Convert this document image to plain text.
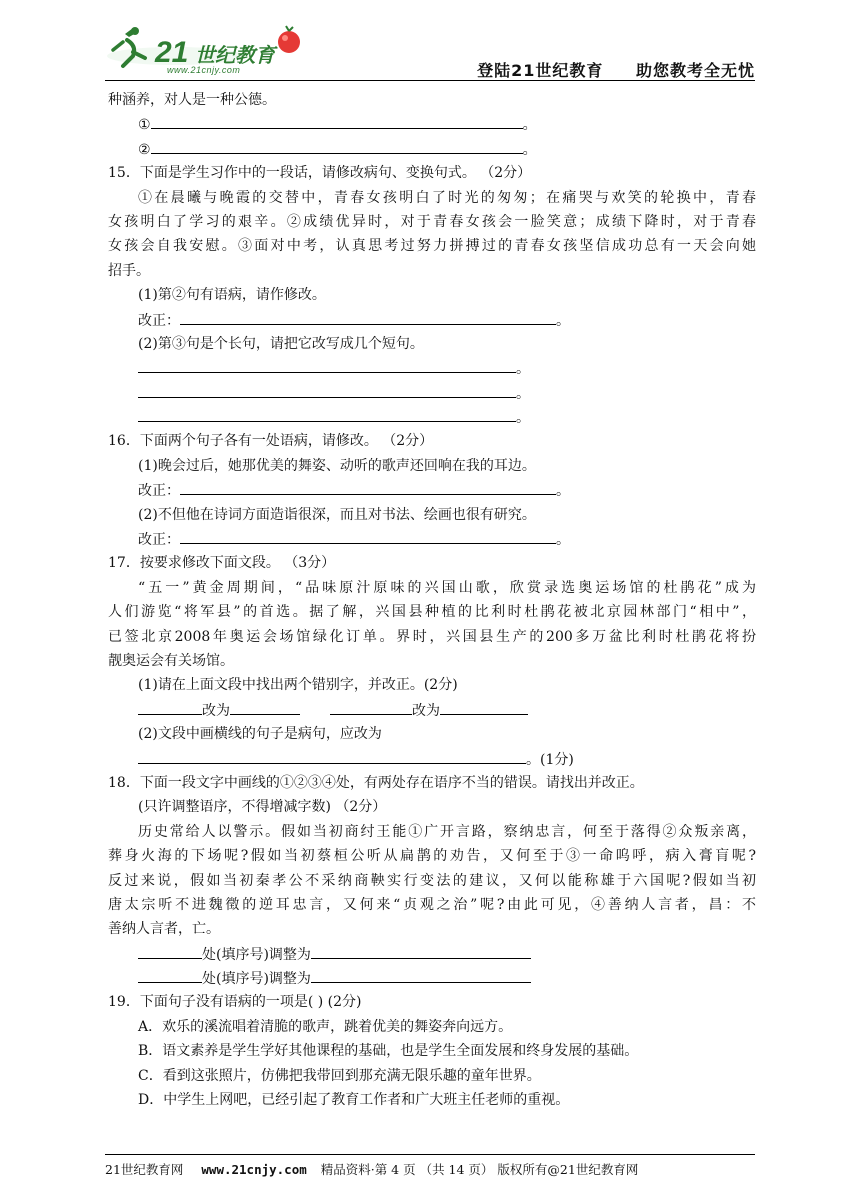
21 世纪教育
www.21cnjy.com	登陆21世纪教育 助您教考全无忧
种涵养，对人是一种公德。
①	。
②	。
15．下面是学生习作中的一段话，请修改病句、变换句式。 （2分）
①在晨曦与晚霞的交替中，青春女孩明白了时光的匆匆；在痛哭与欢笑的轮换中，青春
女孩明白了学习的艰辛。②成绩优异时，对于青春女孩会一脸笑意；成绩下降时，对于青春
女孩会自我安慰。③面对中考，认真思考过努力拼搏过的青春女孩坚信成功总有一天会向她
招手。
(1)第②句有语病，请作修改。
改正：	。
(2)第③句是个长句，请把它改写成几个短句。
。
。
。
16．下面两个句子各有一处语病，请修改。 （2分）
(1)晚会过后，她那优美的舞姿、动听的歌声还回响在我的耳边。
改正：	。
(2)不但他在诗词方面造诣很深，而且对书法、绘画也很有研究。
改正：	。
17．按要求修改下面文段。 （3分）
“五一”黄金周期间，“品味原汁原味的兴国山歌，欣赏录选奥运场馆的杜鹃花”成为
人们游览“将军县”的首选。据了解，兴国县种植的比利时杜鹃花被北京园林部门“相中”，
已签北京2008年奥运会场馆绿化订单。界时，兴国县生产的200多万盆比利时杜鹃花将扮
靓奥运会有关场馆。
(1)请在上面文段中找出两个错别字，并改正。(2分)
改为	改为
(2)文段中画横线的句子是病句，应改为
。(1分)
18．下面一段文字中画线的①②③④处，有两处存在语序不当的错误。请找出并改正。
(只许调整语序，不得增减字数) （2分）
历史常给人以警示。假如当初商纣王能①广开言路，察纳忠言，何至于落得②众叛亲离，
葬身火海的下场呢?假如当初蔡桓公听从扁鹊的劝告，又何至于③一命呜呼，病入膏肓呢?
反过来说，假如当初秦孝公不采纳商鞅实行变法的建议，又何以能称雄于六国呢?假如当初
唐太宗听不进魏徵的逆耳忠言，又何来“贞观之治”呢?由此可见，④善纳人言者，昌：不
善纳人言者，亡。
处(填序号)调整为
处(填序号)调整为
19．下面句子没有语病的一项是( ) (2分)
A．欢乐的溪流唱着清脆的歌声，跳着优美的舞姿奔向远方。
B．语文素养是学生学好其他课程的基础，也是学生全面发展和终身发展的基础。
C．看到这张照片，仿佛把我带回到那充满无限乐趣的童年世界。
D．中学生上网吧，已经引起了教育工作者和广大班主任老师的重视。
21世纪教育网 www.21cnjy.com 精品资料·第 4 页 （共 14 页） 版权所有@21世纪教育网
